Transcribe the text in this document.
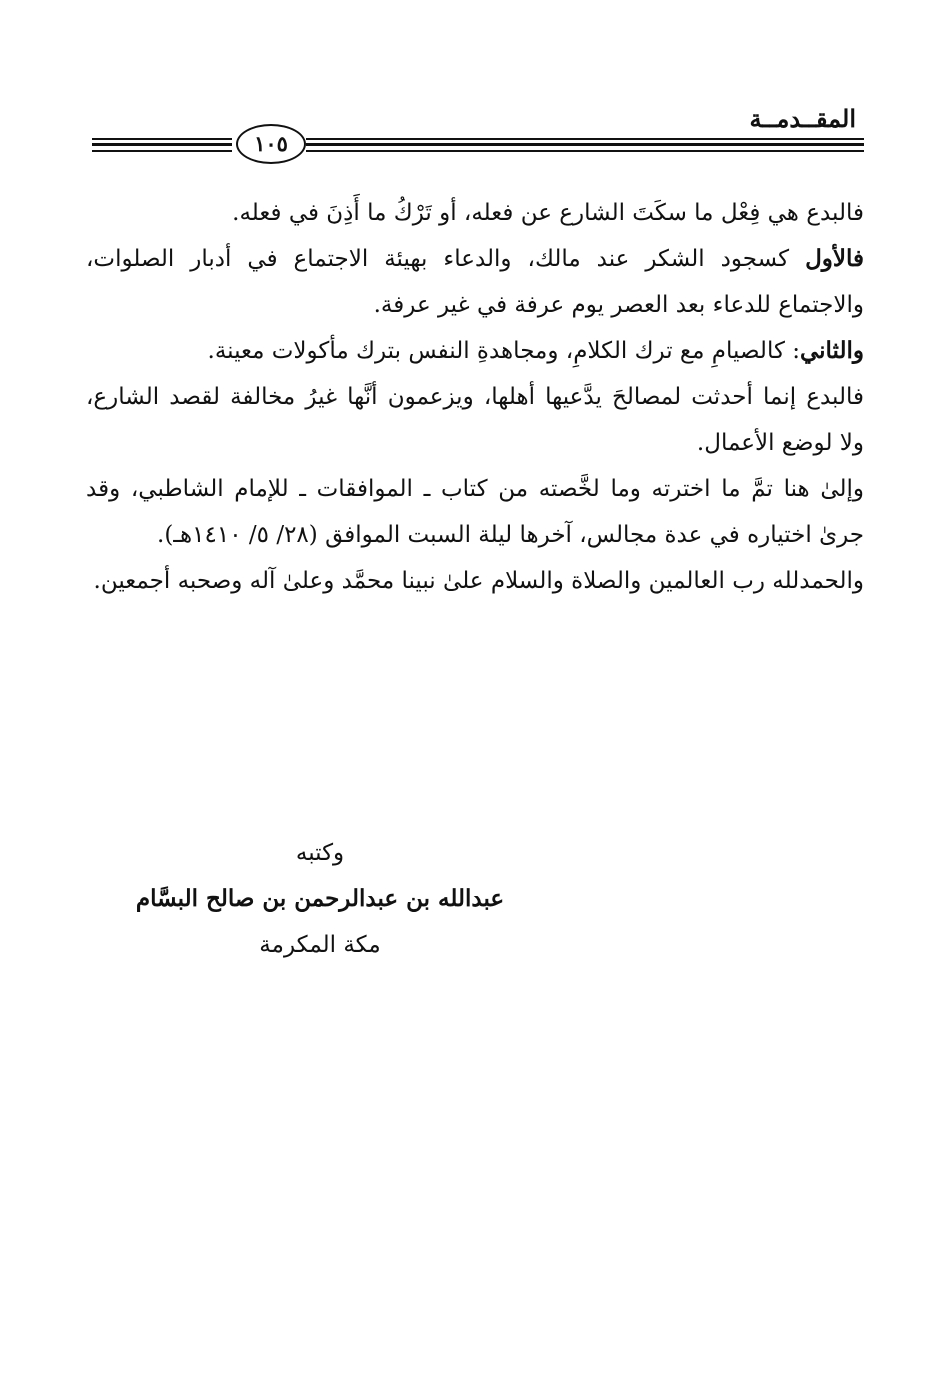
المقــدمــة
١٠٥

فالبدع هي فِعْل ما سكَتَ الشارع عن فعله، أو تَرْكُ ما أَذِنَ في فعله.

فالأول كسجود الشكر عند مالك، والدعاء بهيئة الاجتماع في أدبار الصلوات، والاجتماع للدعاء بعد العصر يوم عرفة في غير عرفة.

والثاني: كالصيامِ مع ترك الكلامِ، ومجاهدةِ النفس بترك مأكولات معينة.

فالبدع إنما أحدثت لمصالحَ يدَّعيها أهلها، ويزعمون أنَّها غيرُ مخالفة لقصد الشارع، ولا لوضع الأعمال.

وإلىٰ هنا تمَّ ما اخترته وما لخَّصته من كتاب ـ الموافقات ـ للإمام الشاطبي، وقد جرىٰ اختياره في عدة مجالس، آخرها ليلة السبت الموافق (٢٨/ ٥/ ١٤١٠هـ).

والحمدلله رب العالمين والصلاة والسلام علىٰ نبينا محمَّد وعلىٰ آله وصحبه أجمعين.

وكتبه
عبدالله بن عبدالرحمن بن صالح البسَّام
مكة المكرمة
